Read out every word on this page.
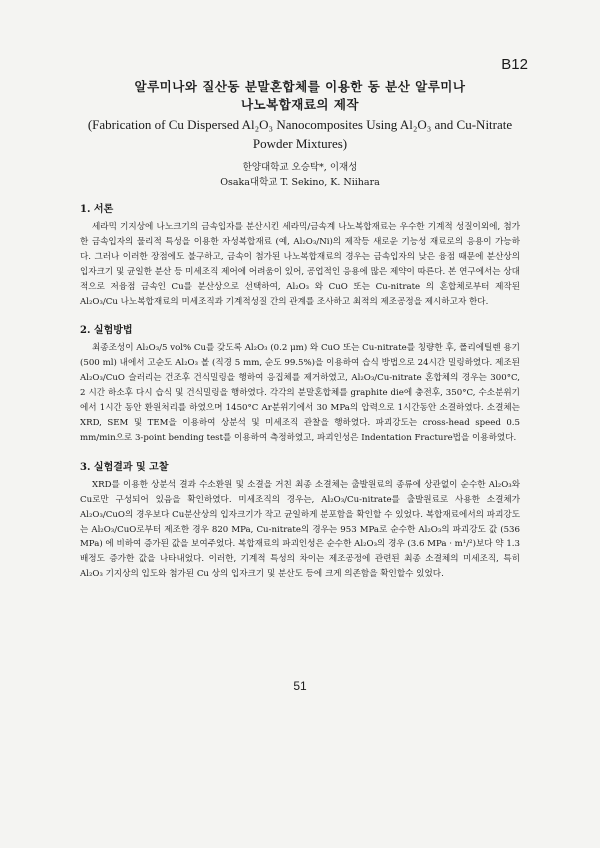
B12
알루미나와 질산동 분말혼합체를 이용한 동 분산 알루미나
나노복합재료의 제작
(Fabrication of Cu Dispersed Al₂O₃ Nanocomposites Using Al₂O₃ and Cu-Nitrate
Powder Mixtures)
한양대학교 오승탁*, 이재성
Osaka대학교 T. Sekino, K. Niihara
1. 서론

세라믹 기지상에 나노크기의 금속입자를 분산시킨 세라믹/금속계 나노복합재료는 우수한 기계적 성질이외에, 첨가한 금속입자의 물리적 특성을 이용한 자성복합재료 (예, Al₂O₃/Ni)의 제작등 새로운 기능성 재료로의 응용이 가능하다. 그러나 이러한 장점에도 불구하고, 금속이 첨가된 나노복합재료의 경우는 금속입자의 낮은 융점 때문에 분산상의 입자크기 및 균일한 분산 등 미세조직 제어에 어려움이 있어, 공업적인 응용에 많은 제약이 따른다. 본 연구에서는 상대적으로 저융점 금속인 Cu를 분산상으로 선택하여, Al₂O₃ 와 CuO 또는 Cu-nitrate 의 혼합체로부터 제작된 Al₂O₃/Cu 나노복합재료의 미세조직과 기계적성질 간의 관계를 조사하고 최적의 제조공정을 제시하고자 한다.

2. 실험방법

최종조성이 Al₂O₃/5 vol% Cu를 갖도록 Al₂O₃ (0.2 μm) 와 CuO 또는 Cu-nitrate를 칭량한 후, 폴리에틸렌 용기 (500 ml) 내에서 고순도 Al₂O₃ 볼 (직경 5 mm, 순도 99.5%)을 이용하여 습식 방법으로 24시간 밀링하였다. 제조된 Al₂O₃/CuO 슬러리는 건조후 건식밀링을 행하여 응집체를 제거하였고, Al₂O₃/Cu-nitrate 혼합체의 경우는 300°C, 2 시간 하소후 다시 습식 및 건식밀링을 행하였다. 각각의 분말혼합체를 graphite die에 충전후, 350°C, 수소분위기에서 1시간 동안 환원처리를 하였으며 1450°C Ar분위기에서 30 MPa의 압력으로 1시간동안 소결하였다. 소결체는 XRD, SEM 및 TEM을 이용하여 상분석 및 미세조직 관찰을 행하였다. 파괴강도는 cross-head speed 0.5 mm/min으로 3-point bending test를 이용하여 측정하였고, 파괴인성은 Indentation Fracture법을 이용하였다.

3. 실험결과 및 고찰

XRD를 이용한 상분석 결과 수소환원 및 소결을 거친 최종 소결체는 출발원료의 종류에 상관없이 순수한 Al₂O₃와 Cu로만 구성되어 있음을 확인하였다. 미세조직의 경우는, Al₂O₃/Cu-nitrate를 출발원료로 사용한 소결체가 Al₂O₃/CuO의 경우보다 Cu분산상의 입자크기가 작고 균일하게 분포함을 확인할 수 있었다. 복합재료에서의 파괴강도는 Al₂O₃/CuO로부터 제조한 경우 820 MPa, Cu-nitrate의 경우는 953 MPa로 순수한 Al₂O₃의 파괴강도 값 (536 MPa) 에 비하여 증가된 값을 보여주었다. 복합재료의 파괴인성은 순수한 Al₂O₃의 경우 (3.6 MPa · m¹/²)보다 약 1.3배정도 증가한 값을 나타내었다. 이러한, 기계적 특성의 차이는 제조공정에 관련된 최종 소결체의 미세조직, 특히 Al₂O₃ 기지상의 입도와 첨가된 Cu 상의 입자크기 및 분산도 등에 크게 의존함을 확인할수 있었다.

51
